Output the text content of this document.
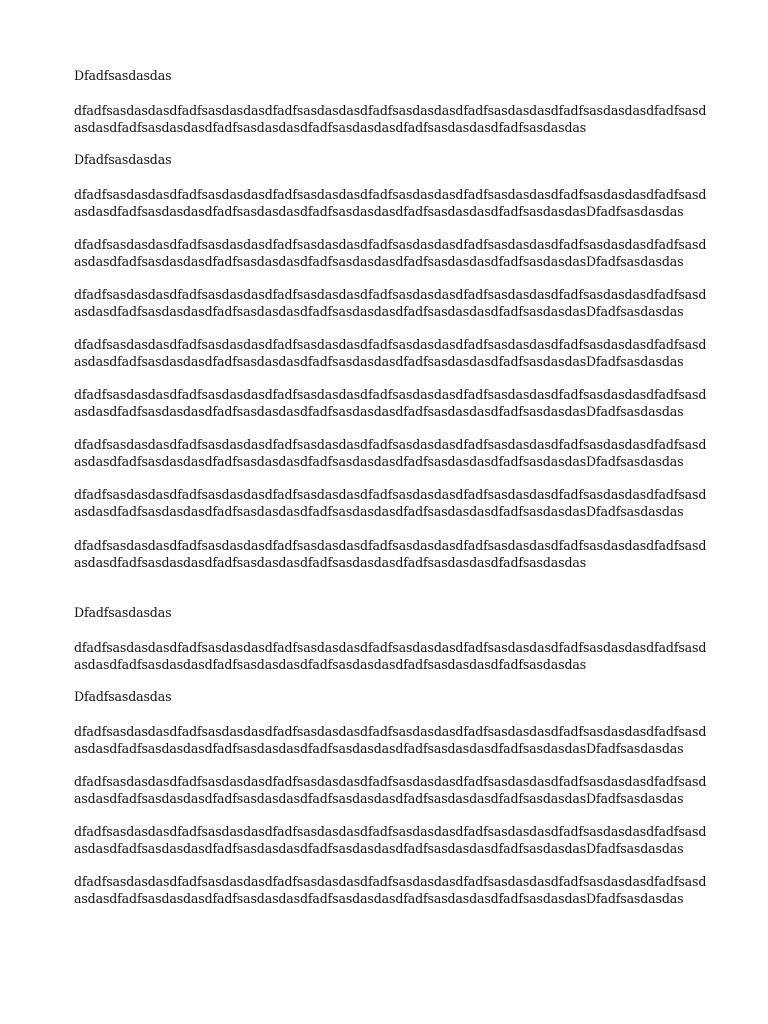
Dfadfsasdasdas
dfadfsasdasdasdfadfsasdasdasdfadfsasdasdasdfadfsasdasdasdfadfsasdasdasdfadfsasdasdasdfadfsasd
asdasdfadfsasdasdasdfadfsasdasdasdfadfsasdasdasdfadfsasdasdasdfadfsasdasdas
Dfadfsasdasdas
dfadfsasdasdasdfadfsasdasdasdfadfsasdasdasdfadfsasdasdasdfadfsasdasdasdfadfsasdasdasdfadfsasd
asdasdfadfsasdasdasdfadfsasdasdasdfadfsasdasdasdfadfsasdasdasdfadfsasdasdasDfadfsasdasdas
dfadfsasdasdasdfadfsasdasdasdfadfsasdasdasdfadfsasdasdasdfadfsasdasdasdfadfsasdasdasdfadfsasd
asdasdfadfsasdasdasdfadfsasdasdasdfadfsasdasdasdfadfsasdasdasdfadfsasdasdasDfadfsasdasdas
dfadfsasdasdasdfadfsasdasdasdfadfsasdasdasdfadfsasdasdasdfadfsasdasdasdfadfsasdasdasdfadfsasd
asdasdfadfsasdasdasdfadfsasdasdasdfadfsasdasdasdfadfsasdasdasdfadfsasdasdasDfadfsasdasdas
dfadfsasdasdasdfadfsasdasdasdfadfsasdasdasdfadfsasdasdasdfadfsasdasdasdfadfsasdasdasdfadfsasd
asdasdfadfsasdasdasdfadfsasdasdasdfadfsasdasdasdfadfsasdasdasdfadfsasdasdasDfadfsasdasdas
dfadfsasdasdasdfadfsasdasdasdfadfsasdasdasdfadfsasdasdasdfadfsasdasdasdfadfsasdasdasdfadfsasd
asdasdfadfsasdasdasdfadfsasdasdasdfadfsasdasdasdfadfsasdasdasdfadfsasdasdasDfadfsasdasdas
dfadfsasdasdasdfadfsasdasdasdfadfsasdasdasdfadfsasdasdasdfadfsasdasdasdfadfsasdasdasdfadfsasd
asdasdfadfsasdasdasdfadfsasdasdasdfadfsasdasdasdfadfsasdasdasdfadfsasdasdasDfadfsasdasdas
dfadfsasdasdasdfadfsasdasdasdfadfsasdasdasdfadfsasdasdasdfadfsasdasdasdfadfsasdasdasdfadfsasd
asdasdfadfsasdasdasdfadfsasdasdasdfadfsasdasdasdfadfsasdasdasdfadfsasdasdasDfadfsasdasdas
dfadfsasdasdasdfadfsasdasdasdfadfsasdasdasdfadfsasdasdasdfadfsasdasdasdfadfsasdasdasdfadfsasd
asdasdfadfsasdasdasdfadfsasdasdasdfadfsasdasdasdfadfsasdasdasdfadfsasdasdas
Dfadfsasdasdas
dfadfsasdasdasdfadfsasdasdasdfadfsasdasdasdfadfsasdasdasdfadfsasdasdasdfadfsasdasdasdfadfsasd
asdasdfadfsasdasdasdfadfsasdasdasdfadfsasdasdasdfadfsasdasdasdfadfsasdasdas
Dfadfsasdasdas
dfadfsasdasdasdfadfsasdasdasdfadfsasdasdasdfadfsasdasdasdfadfsasdasdasdfadfsasdasdasdfadfsasd
asdasdfadfsasdasdasdfadfsasdasdasdfadfsasdasdasdfadfsasdasdasdfadfsasdasdasDfadfsasdasdas
dfadfsasdasdasdfadfsasdasdasdfadfsasdasdasdfadfsasdasdasdfadfsasdasdasdfadfsasdasdasdfadfsasd
asdasdfadfsasdasdasdfadfsasdasdasdfadfsasdasdasdfadfsasdasdasdfadfsasdasdasDfadfsasdasdas
dfadfsasdasdasdfadfsasdasdasdfadfsasdasdasdfadfsasdasdasdfadfsasdasdasdfadfsasdasdasdfadfsasd
asdasdfadfsasdasdasdfadfsasdasdasdfadfsasdasdasdfadfsasdasdasdfadfsasdasdasDfadfsasdasdas
dfadfsasdasdasdfadfsasdasdasdfadfsasdasdasdfadfsasdasdasdfadfsasdasdasdfadfsasdasdasdfadfsasd
asdasdfadfsasdasdasdfadfsasdasdasdfadfsasdasdasdfadfsasdasdasdfadfsasdasdasDfadfsasdasdas
